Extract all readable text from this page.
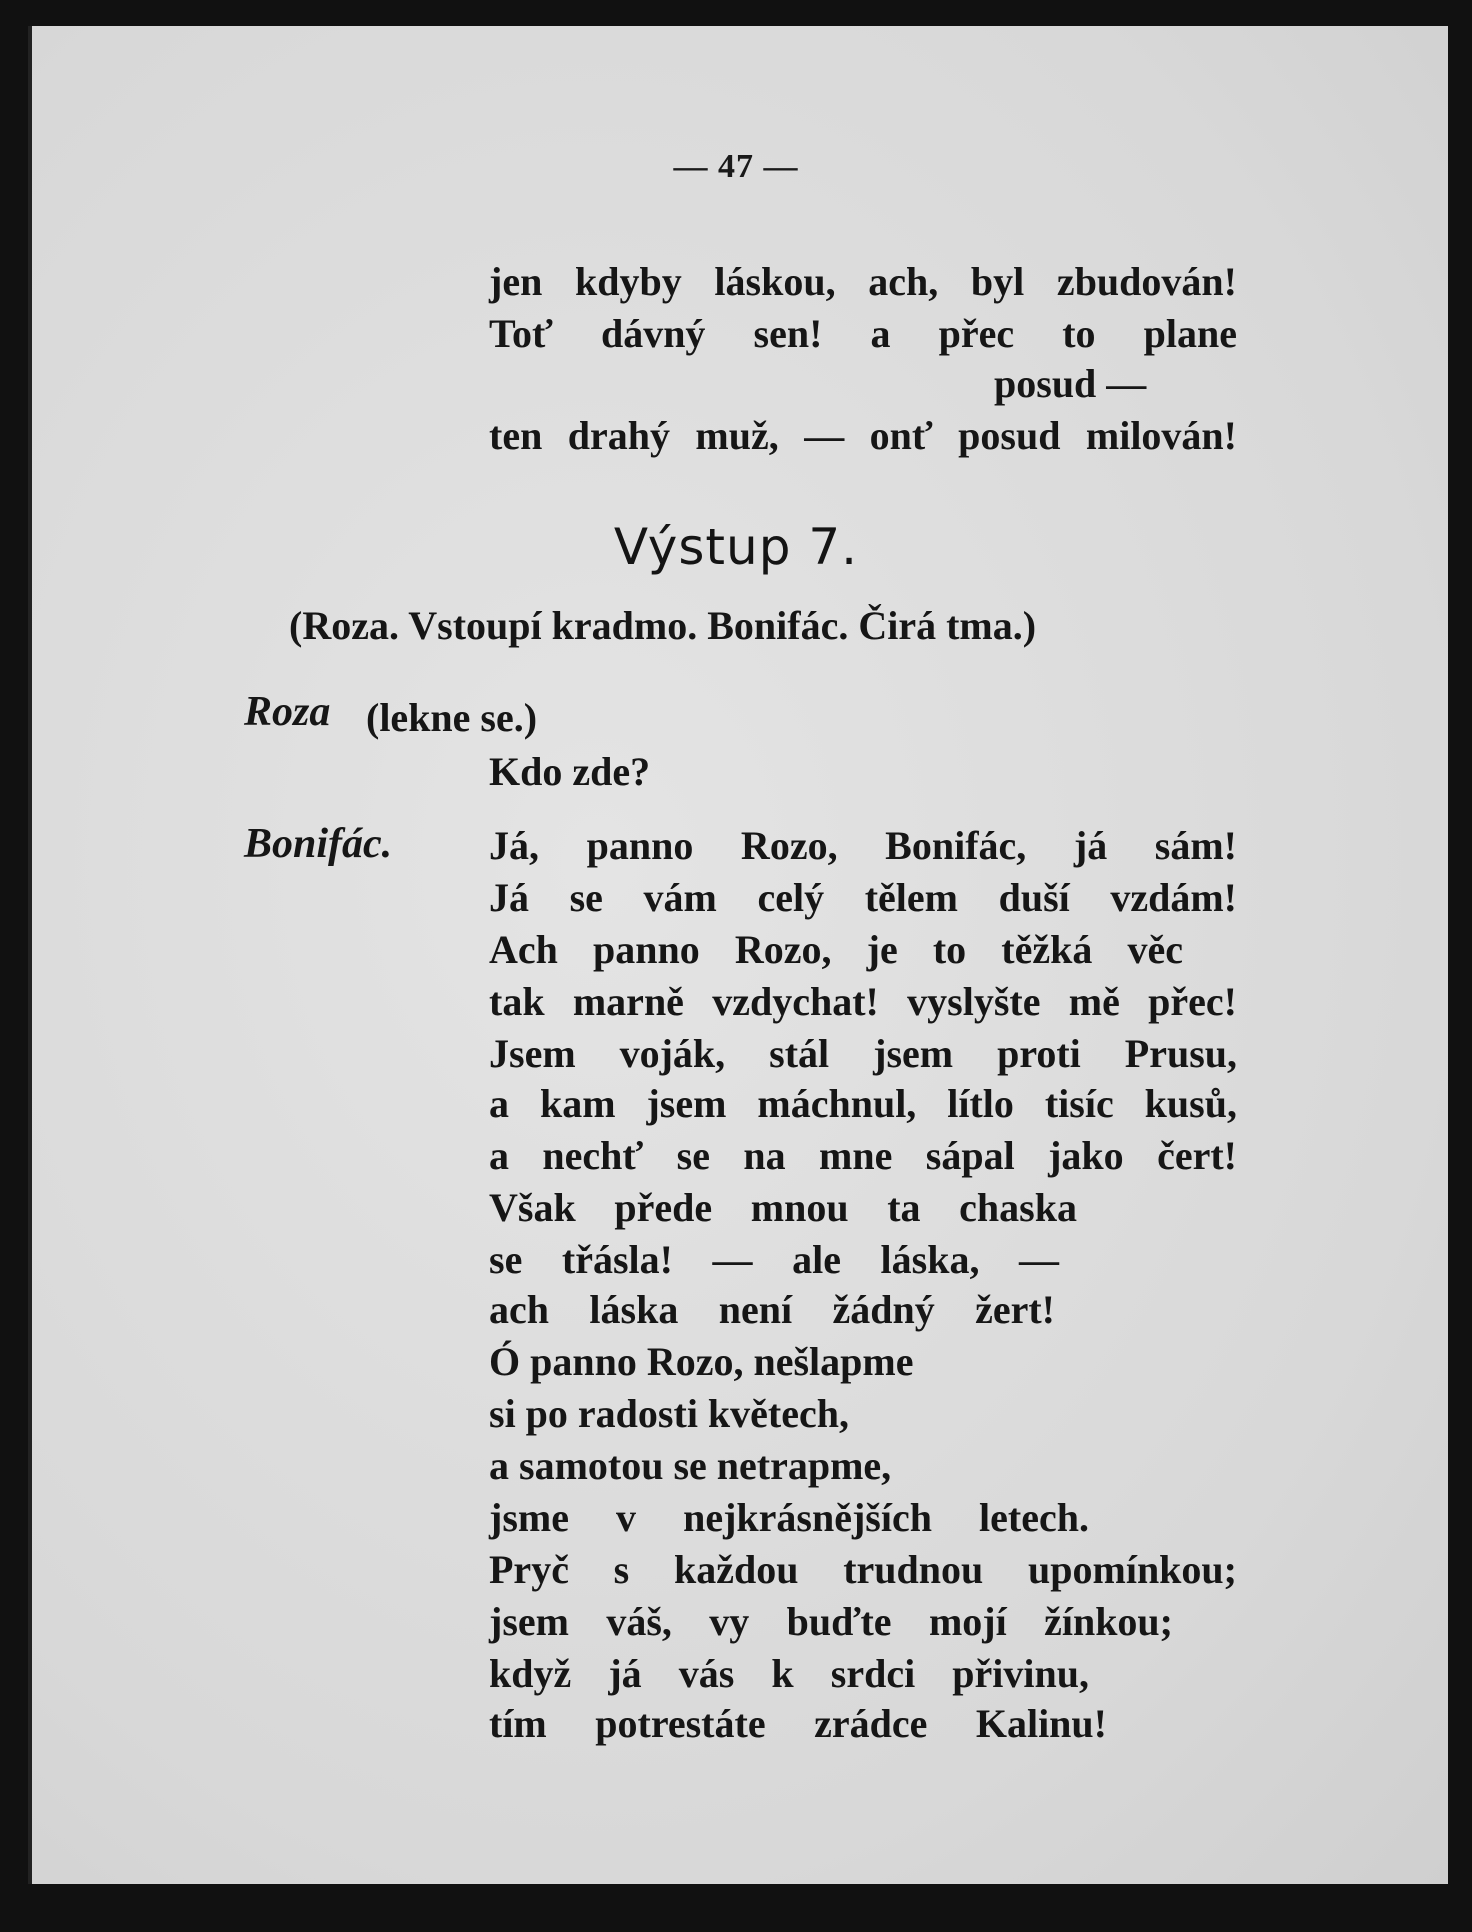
— 47 —
jen kdyby láskou, ach, byl zbudován!
Toť dávný sen! a přec to plane
posud —
ten drahý muž, — onť posud milován!
Výstup 7.
(Roza. Vstoupí kradmo. Bonifác. Čirá tma.)
Roza (lekne se.)
Kdo zde?
Bonifác. Já, panno Rozo, Bonifác, já sám!
Já se vám celý tělem duší vzdám!
Ach panno Rozo, je to těžká věc
tak marně vzdychat! vyslyšte mě přec!
Jsem voják, stál jsem proti Prusu,
a kam jsem máchnul, lítlo tisíc kusů,
a nechť se na mne sápal jako čert!
Však přede mnou ta chaska
se třásla! — ale láska, —
ach láska není žádný žert!
Ó panno Rozo, nešlapme
si po radosti květech,
a samotou se netrapme,
jsme v nejkrásnějších letech.
Pryč s každou trudnou upomínkou;
jsem váš, vy buďte mojí žínkou;
když já vás k srdci přivinu,
tím potrestáte zrádce Kalinu!
